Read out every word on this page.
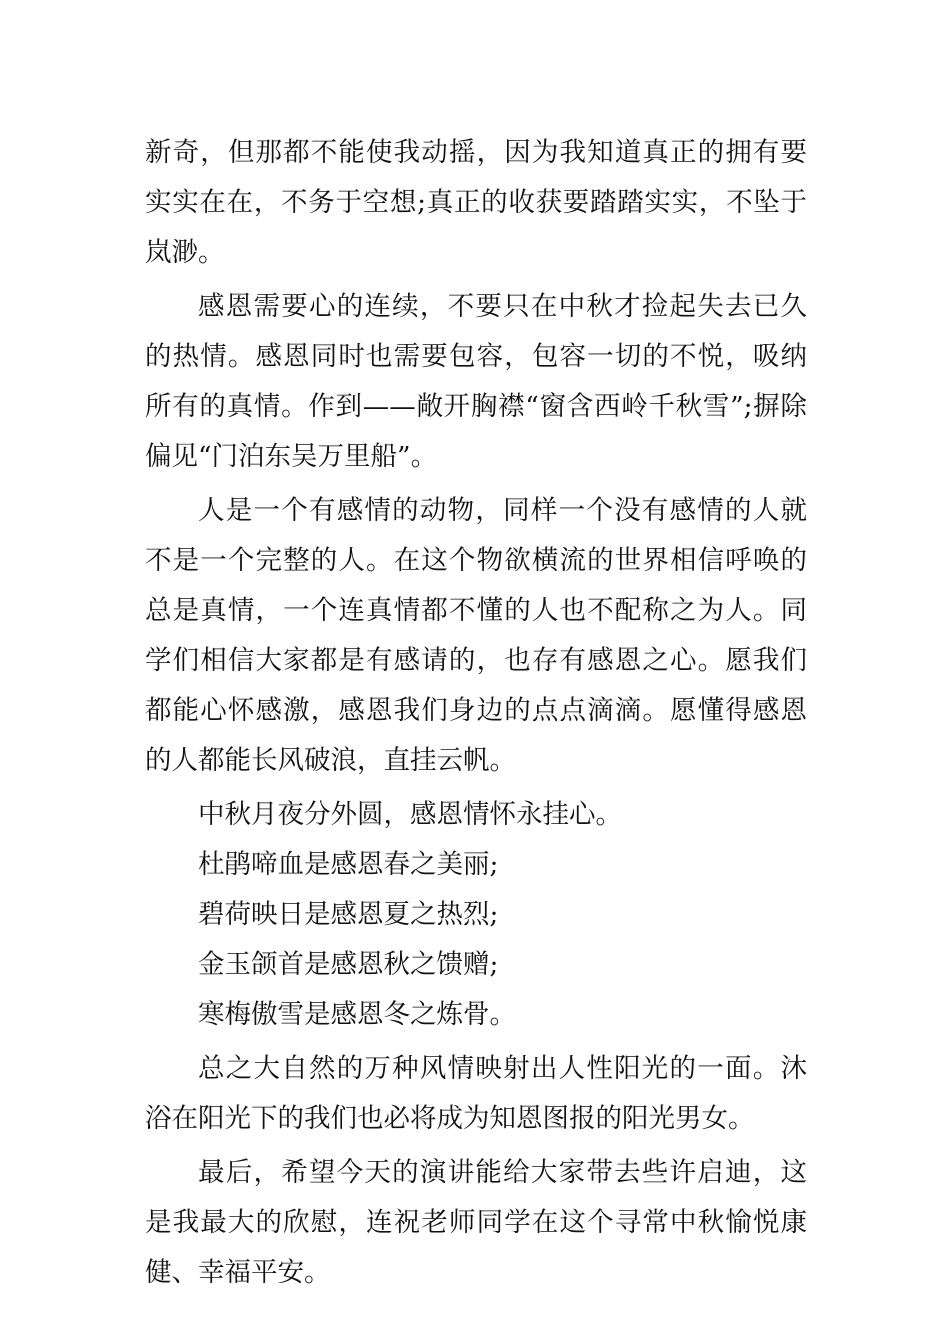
新奇，但那都不能使我动摇，因为我知道真正的拥有要实实在在，不务于空想;真正的收获要踏踏实实，不坠于岚渺。

感恩需要心的连续，不要只在中秋才捡起失去已久的热情。感恩同时也需要包容，包容一切的不悦，吸纳所有的真情。作到——敞开胸襟“窗含西岭千秋雪”;摒除偏见“门泊东吴万里船”。

人是一个有感情的动物，同样一个没有感情的人就不是一个完整的人。在这个物欲横流的世界相信呼唤的总是真情，一个连真情都不懂的人也不配称之为人。同学们相信大家都是有感请的，也存有感恩之心。愿我们都能心怀感激，感恩我们身边的点点滴滴。愿懂得感恩的人都能长风破浪，直挂云帆。

中秋月夜分外圆，感恩情怀永挂心。

杜鹃啼血是感恩春之美丽;

碧荷映日是感恩夏之热烈;

金玉颌首是感恩秋之馈赠;

寒梅傲雪是感恩冬之炼骨。

总之大自然的万种风情映射出人性阳光的一面。沐浴在阳光下的我们也必将成为知恩图报的阳光男女。

最后，希望今天的演讲能给大家带去些许启迪，这是我最大的欣慰，连祝老师同学在这个寻常中秋愉悦康健、幸福平安。
